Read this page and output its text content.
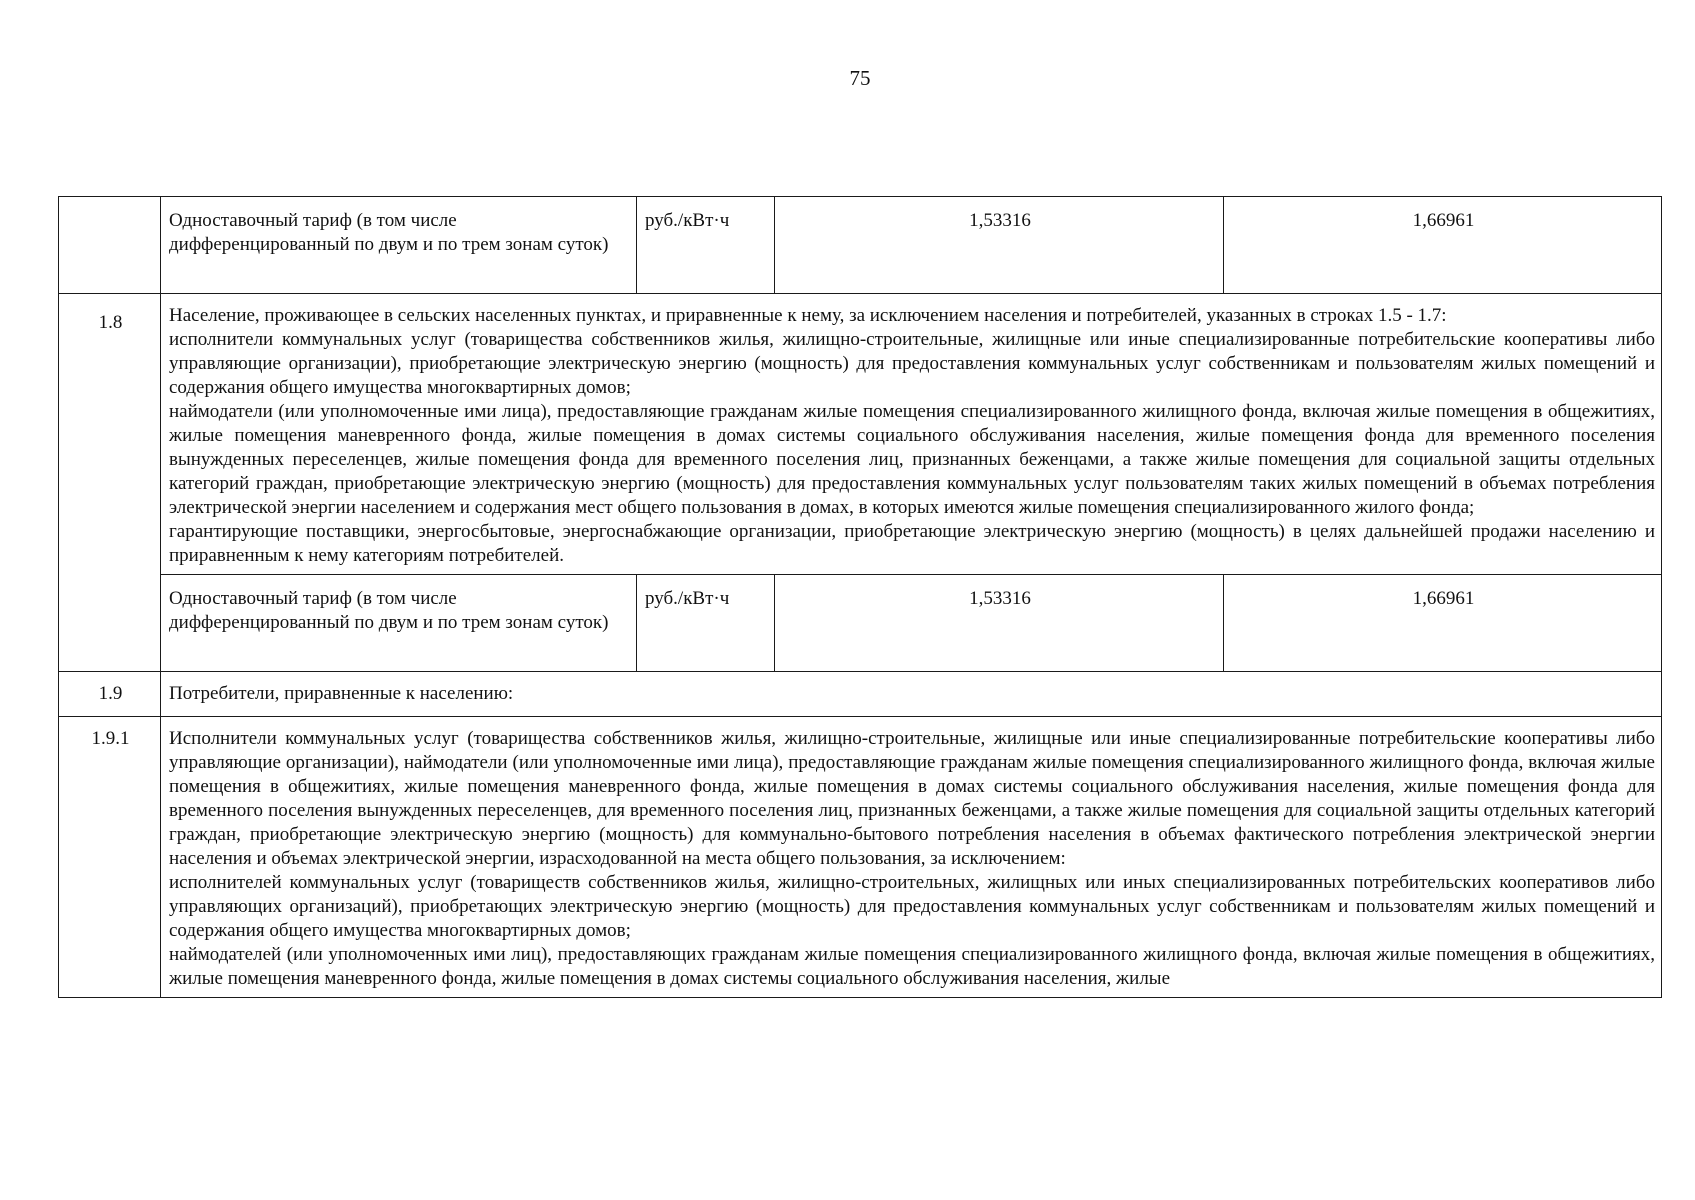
75
	Одноставочный тариф (в том числе дифференцированный по двум и по трем зонам суток)	руб./кВт·ч	1,53316	1,66961
1.8	Население, проживающее в сельских населенных пунктах, и приравненные к нему, за исключением населения и потребителей, указанных в строках 1.5 - 1.7:

исполнители коммунальных услуг (товарищества собственников жилья, жилищно-строительные, жилищные или иные специализированные потребительские кооперативы либо управляющие организации), приобретающие электрическую энергию (мощность) для предоставления коммунальных услуг собственникам и пользователям жилых помещений и содержания общего имущества многоквартирных домов;

наймодатели (или уполномоченные ими лица), предоставляющие гражданам жилые помещения специализированного жилищного фонда, включая жилые помещения в общежитиях, жилые помещения маневренного фонда, жилые помещения в домах системы социального обслуживания населения, жилые помещения фонда для временного поселения вынужденных переселенцев, жилые помещения фонда для временного поселения лиц, признанных беженцами, а также жилые помещения для социальной защиты отдельных категорий граждан, приобретающие электрическую энергию (мощность) для предоставления коммунальных услуг пользователям таких жилых помещений в объемах потребления электрической энергии населением и содержания мест общего пользования в домах, в которых имеются жилые помещения специализированного жилого фонда;

гарантирующие поставщики, энергосбытовые, энергоснабжающие организации, приобретающие электрическую энергию (мощность) в целях дальнейшей продажи населению и приравненным к нему категориям потребителей.			

	Одноставочный тариф (в том числе дифференцированный по двум и по трем зонам суток)	руб./кВт·ч	1,53316	1,66961
1.9	Потребители, приравненные к населению:			
1.9.1	Исполнители коммунальных услуг (товарищества собственников жилья, жилищно-строительные, жилищные или иные специализированные потребительские кооперативы либо управляющие организации), наймодатели (или уполномоченные ими лица), предоставляющие гражданам жилые помещения специализированного жилищного фонда, включая жилые помещения в общежитиях, жилые помещения маневренного фонда, жилые помещения в домах системы социального обслуживания населения, жилые помещения фонда для временного поселения вынужденных переселенцев, для временного поселения лиц, признанных беженцами, а также жилые помещения для социальной защиты отдельных категорий граждан, приобретающие электрическую энергию (мощность) для коммунально-бытового потребления населения в объемах фактического потребления электрической энергии населения и объемах электрической энергии, израсходованной на места общего пользования, за исключением:

исполнителей коммунальных услуг (товариществ собственников жилья, жилищно-строительных, жилищных или иных специализированных потребительских кооперативов либо управляющих организаций), приобретающих электрическую энергию (мощность) для предоставления коммунальных услуг собственникам и пользователям жилых помещений и содержания общего имущества многоквартирных домов;

наймодателей (или уполномоченных ими лиц), предоставляющих гражданам жилые помещения специализированного жилищного фонда, включая жилые помещения в общежитиях, жилые помещения маневренного фонда, жилые помещения в домах системы социального обслуживания населения, жилые			
